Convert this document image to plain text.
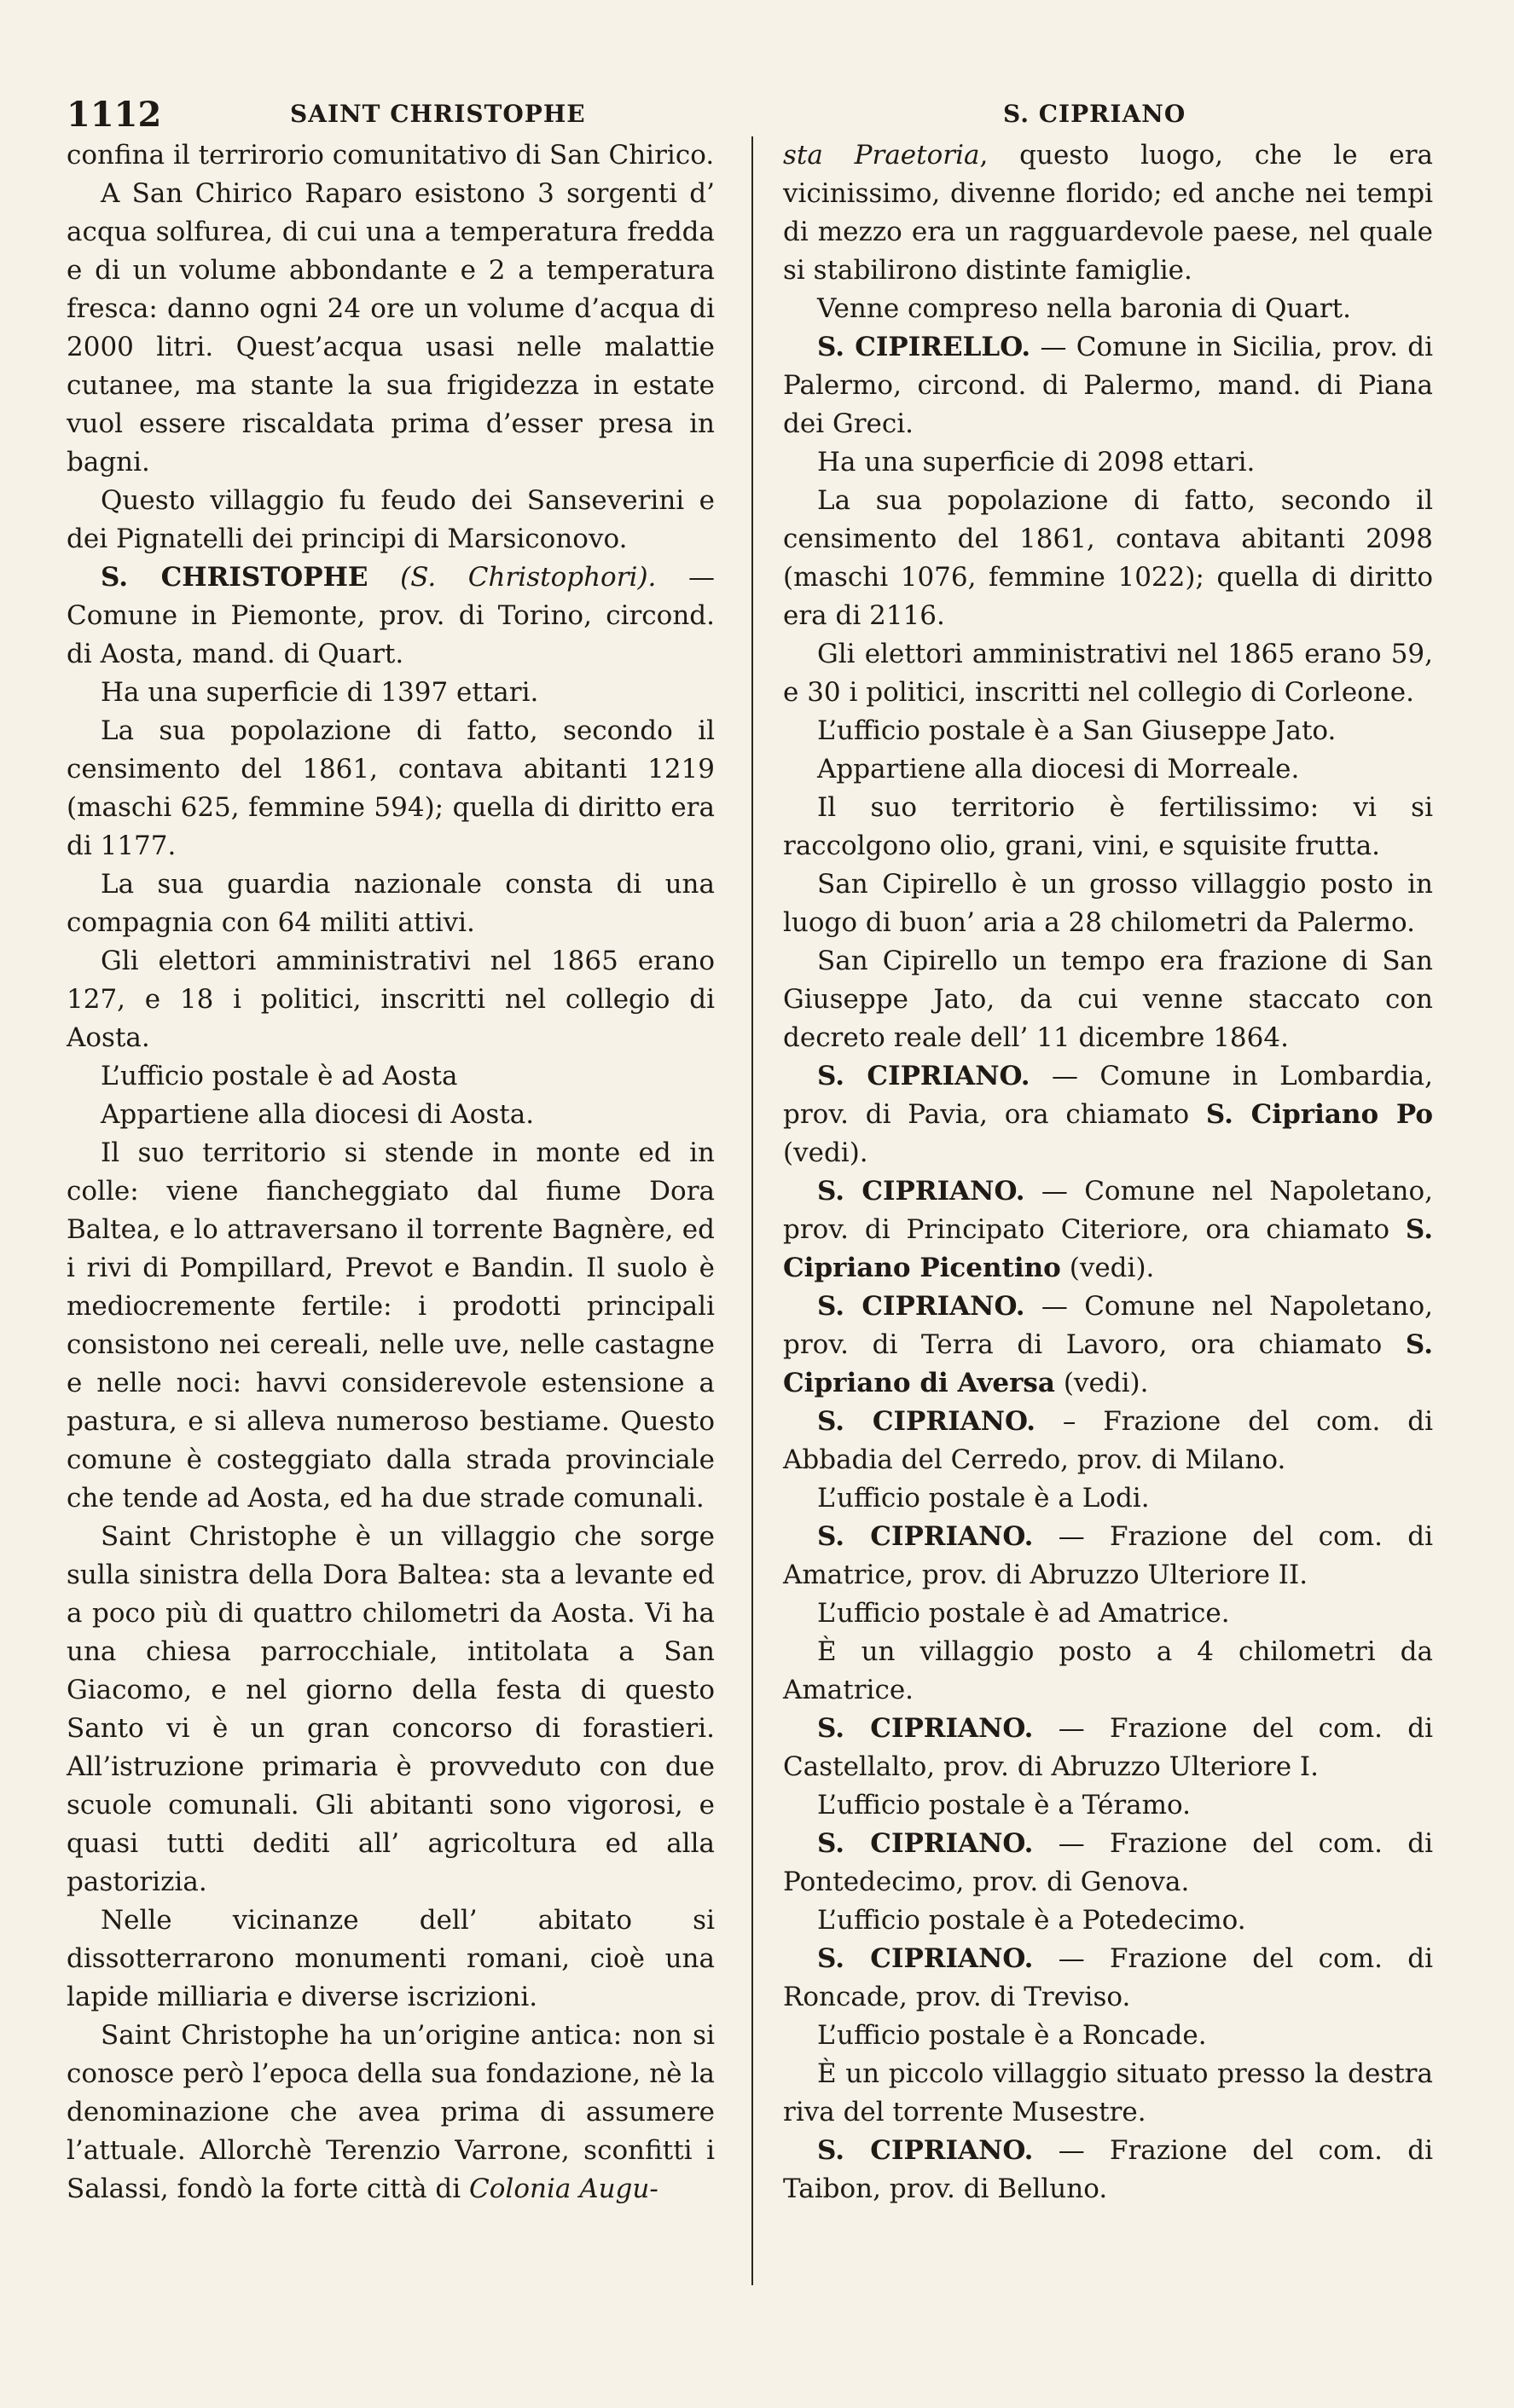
1112	SAINT CHRISTOPHE	S. CIPRIANO

confina il terrirorio comunitativo di San Chirico.

A San Chirico Raparo esistono 3 sorgenti d’ acqua solfurea, di cui una a temperatura fredda e di un volume abbondante e 2 a temperatura fresca: danno ogni 24 ore un volume d’acqua di 2000 litri. Quest’acqua usasi nelle malattie cutanee, ma stante la sua frigidezza in estate vuol essere riscaldata prima d’esser presa in bagni.

Questo villaggio fu feudo dei Sanseverini e dei Pignatelli dei principi di Marsiconovo.

S. CHRISTOPHE (S. Christophori). — Comune in Piemonte, prov. di Torino, circond. di Aosta, mand. di Quart.

Ha una superficie di 1397 ettari.

La sua popolazione di fatto, secondo il censimento del 1861, contava abitanti 1219 (maschi 625, femmine 594); quella di diritto era di 1177.

La sua guardia nazionale consta di una compagnia con 64 militi attivi.

Gli elettori amministrativi nel 1865 erano 127, e 18 i politici, inscritti nel collegio di Aosta.

L’ufficio postale è ad Aosta

Appartiene alla diocesi di Aosta.

Il suo territorio si stende in monte ed in colle: viene fiancheggiato dal fiume Dora Baltea, e lo attraversano il torrente Bagnère, ed i rivi di Pompillard, Prevot e Bandin. Il suolo è mediocremente fertile: i prodotti principali consistono nei cereali, nelle uve, nelle castagne e nelle noci: havvi considerevole estensione a pastura, e si alleva numeroso bestiame. Questo comune è costeggiato dalla strada provinciale che tende ad Aosta, ed ha due strade comunali.

Saint Christophe è un villaggio che sorge sulla sinistra della Dora Baltea: sta a levante ed a poco più di quattro chilometri da Aosta. Vi ha una chiesa parrocchiale, intitolata a San Giacomo, e nel giorno della festa di questo Santo vi è un gran concorso di forastieri. All’istruzione primaria è provveduto con due scuole comunali. Gli abitanti sono vigorosi, e quasi tutti dediti all’ agricoltura ed alla pastorizia.

Nelle vicinanze dell’ abitato si dissotterrarono monumenti romani, cioè una lapide milliaria e diverse iscrizioni.

Saint Christophe ha un’origine antica: non si conosce però l’epoca della sua fondazione, nè la denominazione che avea prima di assumere l’attuale. Allorchè Terenzio Varrone, sconfitti i Salassi, fondò la forte città di Colonia Augu-

sta Praetoria, questo luogo, che le era vicinissimo, divenne florido; ed anche nei tempi di mezzo era un ragguardevole paese, nel quale si stabilirono distinte famiglie.

Venne compreso nella baronia di Quart.

S. CIPIRELLO. — Comune in Sicilia, prov. di Palermo, circond. di Palermo, mand. di Piana dei Greci.

Ha una superficie di 2098 ettari.

La sua popolazione di fatto, secondo il censimento del 1861, contava abitanti 2098 (maschi 1076, femmine 1022); quella di diritto era di 2116.

Gli elettori amministrativi nel 1865 erano 59, e 30 i politici, inscritti nel collegio di Corleone.

L’ufficio postale è a San Giuseppe Jato.

Appartiene alla diocesi di Morreale.

Il suo territorio è fertilissimo: vi si raccolgono olio, grani, vini, e squisite frutta.

San Cipirello è un grosso villaggio posto in luogo di buon’ aria a 28 chilometri da Palermo.

San Cipirello un tempo era frazione di San Giuseppe Jato, da cui venne staccato con decreto reale dell’ 11 dicembre 1864.

S. CIPRIANO. — Comune in Lombardia, prov. di Pavia, ora chiamato S. Cipriano Po (vedi).

S. CIPRIANO. — Comune nel Napoletano, prov. di Principato Citeriore, ora chiamato S. Cipriano Picentino (vedi).

S. CIPRIANO. — Comune nel Napoletano, prov. di Terra di Lavoro, ora chiamato S. Cipriano di Aversa (vedi).

S. CIPRIANO. – Frazione del com. di Abbadia del Cerredo, prov. di Milano.

L’ufficio postale è a Lodi.

S. CIPRIANO. — Frazione del com. di Amatrice, prov. di Abruzzo Ulteriore II.

L’ufficio postale è ad Amatrice.

È un villaggio posto a 4 chilometri da Amatrice.

S. CIPRIANO. — Frazione del com. di Castellalto, prov. di Abruzzo Ulteriore I.

L’ufficio postale è a Téramo.

S. CIPRIANO. — Frazione del com. di Pontedecimo, prov. di Genova.

L’ufficio postale è a Potedecimo.

S. CIPRIANO. — Frazione del com. di Roncade, prov. di Treviso.

L’ufficio postale è a Roncade.

È un piccolo villaggio situato presso la destra riva del torrente Musestre.

S. CIPRIANO. — Frazione del com. di Taibon, prov. di Belluno.
